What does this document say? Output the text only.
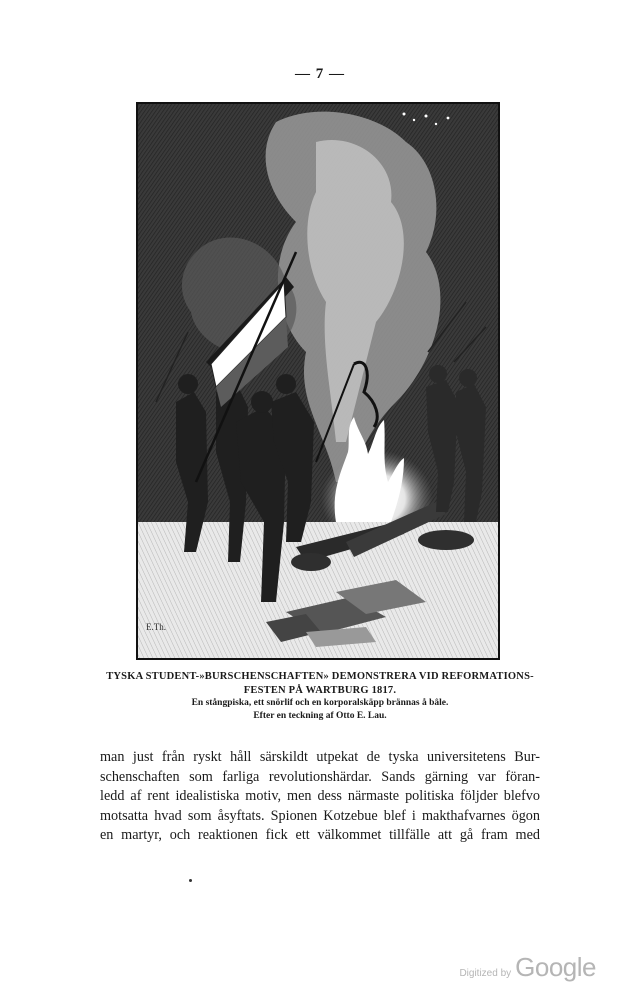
— 7 —
E.Th.
TYSKA STUDENT-»BURSCHENSCHAFTEN» DEMONSTRERA VID REFORMATIONS-
FESTEN PÅ WARTBURG 1817.
En stångpiska, ett snörlif och en korporalskäpp brännas å bâle.
Efter en teckning af Otto E. Lau.
man just från ryskt håll särskildt utpekat de tyska universitetens Bur-
schenschaften som farliga revolutionshärdar. Sands gärning var föran-
ledd af rent idealistiska motiv, men dess närmaste politiska följder blefvo
motsatta hvad som åsyftats. Spionen Kotzebue blef i makthafvarnes ögon
en martyr, och reaktionen fick ett välkommet tillfälle att gå fram med
Digitized by Google
